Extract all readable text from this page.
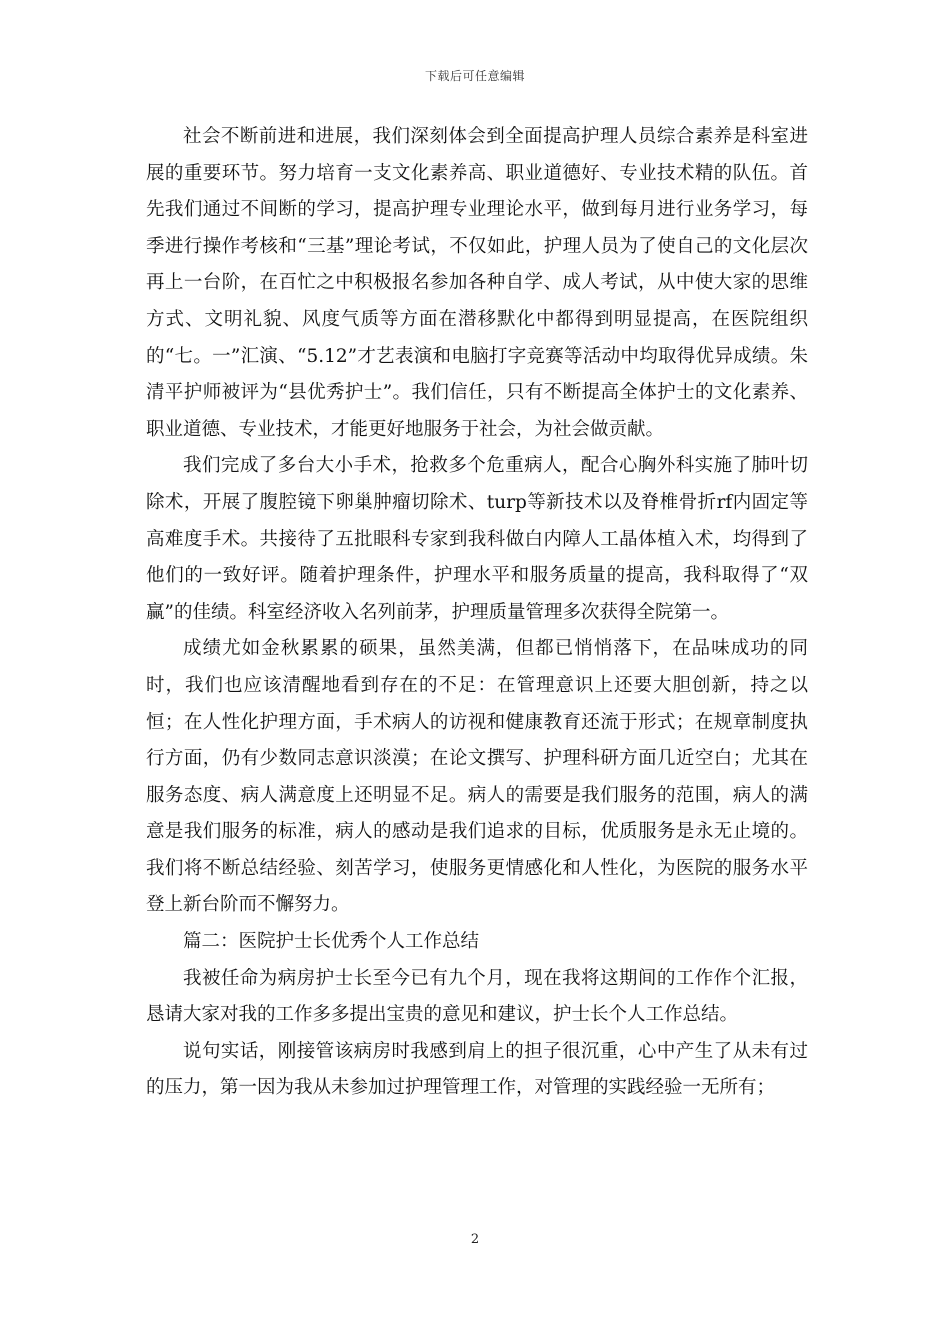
下载后可任意编辑

社会不断前进和进展，我们深刻体会到全面提高护理人员综合素养是科室进展的重要环节。努力培育一支文化素养高、职业道德好、专业技术精的队伍。首先我们通过不间断的学习，提高护理专业理论水平，做到每月进行业务学习，每季进行操作考核和“三基”理论考试，不仅如此，护理人员为了使自己的文化层次再上一台阶，在百忙之中积极报名参加各种自学、成人考试，从中使大家的思维方式、文明礼貌、风度气质等方面在潜移默化中都得到明显提高，在医院组织的“七。一”汇演、“5.12”才艺表演和电脑打字竞赛等活动中均取得优异成绩。朱清平护师被评为“县优秀护士”。我们信任，只有不断提高全体护士的文化素养、职业道德、专业技术，才能更好地服务于社会，为社会做贡献。

我们完成了多台大小手术，抢救多个危重病人，配合心胸外科实施了肺叶切除术，开展了腹腔镜下卵巢肿瘤切除术、turp等新技术以及脊椎骨折rf内固定等高难度手术。共接待了五批眼科专家到我科做白内障人工晶体植入术，均得到了他们的一致好评。随着护理条件，护理水平和服务质量的提高，我科取得了“双赢”的佳绩。科室经济收入名列前茅，护理质量管理多次获得全院第一。

成绩尤如金秋累累的硕果，虽然美满，但都已悄悄落下，在品味成功的同时，我们也应该清醒地看到存在的不足：在管理意识上还要大胆创新，持之以恒；在人性化护理方面，手术病人的访视和健康教育还流于形式；在规章制度执行方面，仍有少数同志意识淡漠；在论文撰写、护理科研方面几近空白；尤其在服务态度、病人满意度上还明显不足。病人的需要是我们服务的范围，病人的满意是我们服务的标准，病人的感动是我们追求的目标，优质服务是永无止境的。我们将不断总结经验、刻苦学习，使服务更情感化和人性化，为医院的服务水平登上新台阶而不懈努力。

篇二：医院护士长优秀个人工作总结

我被任命为病房护士长至今已有九个月，现在我将这期间的工作作个汇报，恳请大家对我的工作多多提出宝贵的意见和建议，护士长个人工作总结。

说句实话，刚接管该病房时我感到肩上的担子很沉重，心中产生了从未有过的压力，第一因为我从未参加过护理管理工作，对管理的实践经验一无所有；

2
